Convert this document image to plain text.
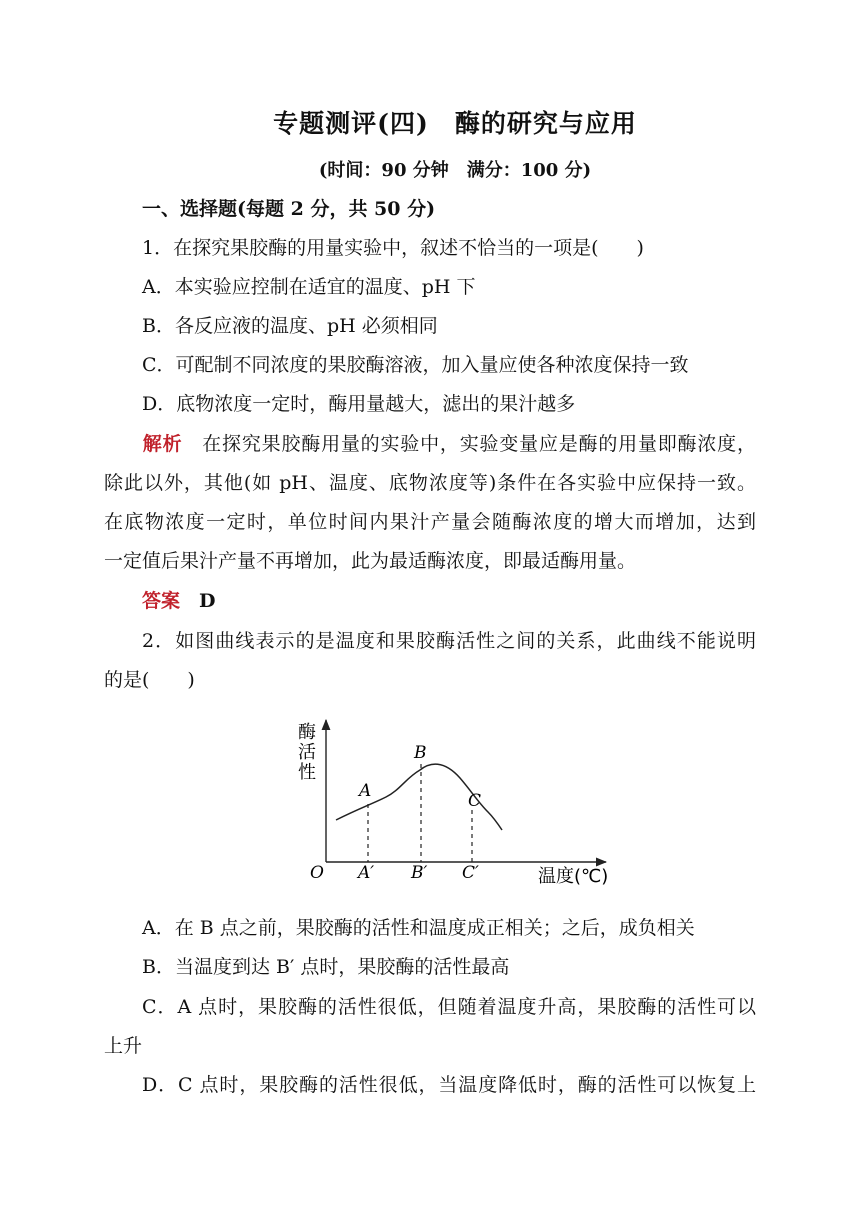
专题测评(四)　酶的研究与应用
(时间：90 分钟　满分：100 分)
一、选择题(每题 2 分，共 50 分)
1．在探究果胶酶的用量实验中，叙述不恰当的一项是(　　)
A．本实验应控制在适宜的温度、pH 下
B．各反应液的温度、pH 必须相同
C．可配制不同浓度的果胶酶溶液，加入量应使各种浓度保持一致
D．底物浓度一定时，酶用量越大，滤出的果汁越多
解析　 在探究果胶酶用量的实验中，实验变量应是酶的用量即酶浓度，
除此以外，其他(如 pH、温度、底物浓度等)条件在各实验中应保持一致。
在底物浓度一定时，单位时间内果汁产量会随酶浓度的增大而增加，达到
一定值后果汁产量不再增加，此为最适酶浓度，即最适酶用量。
答案　 D
2．如图曲线表示的是温度和果胶酶活性之间的关系，此曲线不能说明
的是(　　)
酶
活
性
A
B
C
O A′ B′ C′	温度(℃)
A．在 B 点之前，果胶酶的活性和温度成正相关；之后，成负相关
B．当温度到达 B′ 点时，果胶酶的活性最高
C．A 点时，果胶酶的活性很低，但随着温度升高，果胶酶的活性可以
上升
D．C 点时，果胶酶的活性很低，当温度降低时，酶的活性可以恢复上
